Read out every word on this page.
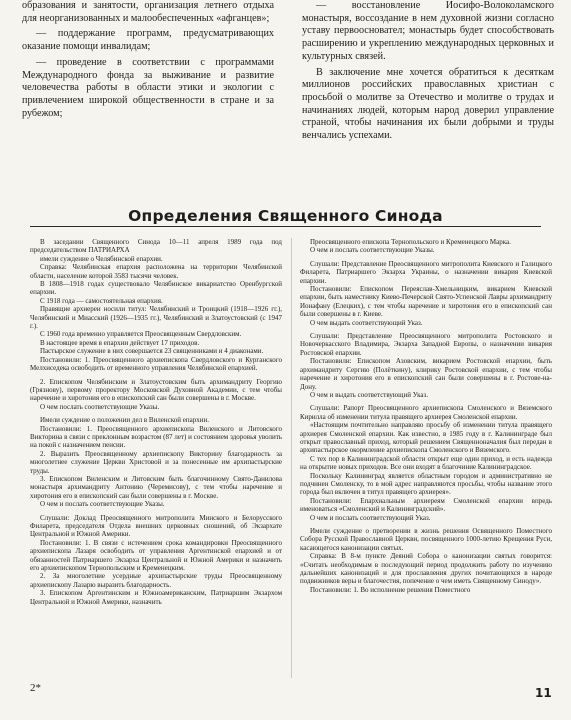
образования и занятости, организация летнего отдыха для неорганизованных и малообеспеченных «афганцев»;

— поддержание программ, предусматривающих оказание помощи инвалидам;

— проведение в соответствии с программами Международного фонда за выживание и развитие человечества работы в области этики и экологии с привлечением широкой общественности в стране и за рубежом;

— восстановление Иосифо-Волоколамского монастыря, воссоздание в нем духовной жизни согласно уставу первоосновател; монастырь будет способствовать расширению и укреплению международных церковных и культурных связей.

В заключение мне хочется обратиться к десяткам миллионов российских православных христиан с просьбой о молитве за Отечество и молитве о трудах и начинаниях людей, которым народ доверил управление страной, чтобы начинания их были добрыми и труды венчались успехами.

Определения Священного Синода

В заседании Священного Синода 10—11 апреля 1989 года под председательством ПАТРИАРХА

имели суждение о Челябинской епархии.

Справка: Челябинская епархия расположена на территории Челябинской области, население которой 3583 тысячи человек.

В 1808—1918 годах существовало Челябинское викариатство Оренбургской епархии.

С 1918 года — самостоятельная епархия.

Правящие архиереи носили титул: Челябинский и Троицкий (1918—1926 гг.), Челябинский и Миасский (1926—1935 гг.), Челябинский и Златоустовский (с 1947 г.).

С 1960 года временно управляется Преосвященным Свердловским.

В настоящее время в епархии действует 17 приходов.

Пастырское служение в них совершается 23 священниками и 4 диаконами.

Постановили: 1. Преосвященного архиепископа Свердловского и Курганского Мелхиседека освободить от временного управления Челябинской епархией.

2. Епископом Челябинским и Златоустовским быть архимандриту Георгию (Грязнову), первому проректору Московской Духовной Академии, с тем чтобы наречение и хиротония его в епископский сан были совершены в г. Москве.

О чем послать соответствующие Указы.

Имели суждение о положении дел в Виленской епархии.

Постановили: 1. Преосвященного архиепископа Виленского и Литовского Викторина в связи с преклонным возрастом (87 лет) и состоянием здоровья уволить на покой с назначением пенсии.

2. Выразить Преосвященному архиепископу Викторину благодарность за многолетнее служение Церкви Христовой и за понесенные им архипастырские труды.

3. Епископом Виленским и Литовским быть благочинному Свято-Даниловa монастыря архимандриту Антонию (Черемисову), с тем чтобы наречение и хиротония его в епископский сан были совершены в г. Москве.

О чем и послать соответствующие Указы.

Слушали: Доклад Преосвященного митрополита Минского и Белорусского Филарета, председателя Отдела внешних церковных сношений, об Экзархате Центральной и Южной Америки.

Постановили: 1. В связи с истечением срока командировки Преосвященного архиепископа Лазаря освободить от управления Аргентинской епархией и от обязанностей Патриаршего Экзарха Центральной и Южной Америки и назначить его архиепископом Тернопольским и Кременецким.

2. За многолетние усердные архипастырские труды Преосвященному архиепископу Лазарю выразить благодарность.

3. Епископом Аргентинским и Южноамериканским, Патриаршим Экзархом Центральной и Южной Америки, назначить

Преосвященного епископа Тернопольского и Кременецкого Марка.

О чем и послать соответствующие Указы.

Слушали: Представление Преосвященного митрополита Киевского и Галицкого Филарета, Патриаршего Экзарха Украины, о назначении викария Киевской епархии.

Постановили: Епископом Переяслав-Хмельницким, викарием Киевской епархии, быть наместнику Киево-Печерской Свято-Успенской Лавры архимандриту Ионафану (Елецких), с тем чтобы наречение и хиротония его в епископский сан были совершены в г. Киеве.

О чем выдать соответствующий Указ.

Слушали: Представление Преосвященного митрополита Ростовского и Новочеркасского Владимира, Экзарха Западной Европы, о назначении викария Ростовской епархии.

Постановили: Епископом Азовским, викарием Ростовской епархии, быть архимандриту Сергию (Полёткину), клирику Ростовской епархии, с тем чтобы наречение и хиротония его в епископский сан были совершены в г. Ростове-на-Дону.

О чем и выдать соответствующий Указ.

Слушали: Рапорт Преосвященного архиепископа Смоленского и Вяземского Кирилла об изменении титула правящего архиерея Смоленской епархии.

«Настоящим почтительно направляю просьбу об изменении титула правящего архиерея Смоленской епархии. Как известно, в 1985 году в г. Калининграде был открыт православный приход, который решением Священноначалия был передан в архипастырское окормление архиепископа Смоленского и Вяземского.

С тех пор в Калининградской области открыт еще один приход, и есть надежда на открытие новых приходов. Все они входят в благочиние Калининградское.

Поскольку Калининград является областным городом и административно не подчинен Смоленску, то в мой адрес направляются просьбы, чтобы название этого города был включен в титул правящего архиерея».

Постановили: Епархиальным архиереям Смоленской епархии впредь именоваться «Смоленский и Калининградский».

О чем и послать соответствующий Указ.

Имели суждение о претворении в жизнь решения Освященного Поместного Собора Русской Православной Церкви, посвященного 1000-летию Крещения Руси, касающегося канонизации святых.

Справка: В 8-м пункте Деяний Собора о канонизации святых говорится: «Считать необходимым в последующий период продолжить работу по изучению дальнейших канонизаций и для прославления других почитающихся в народе подвижников веры и благочестия, попечение о чем иметь Священному Синоду».

Постановили: 1. Во исполнение решения Поместного

2*	11
